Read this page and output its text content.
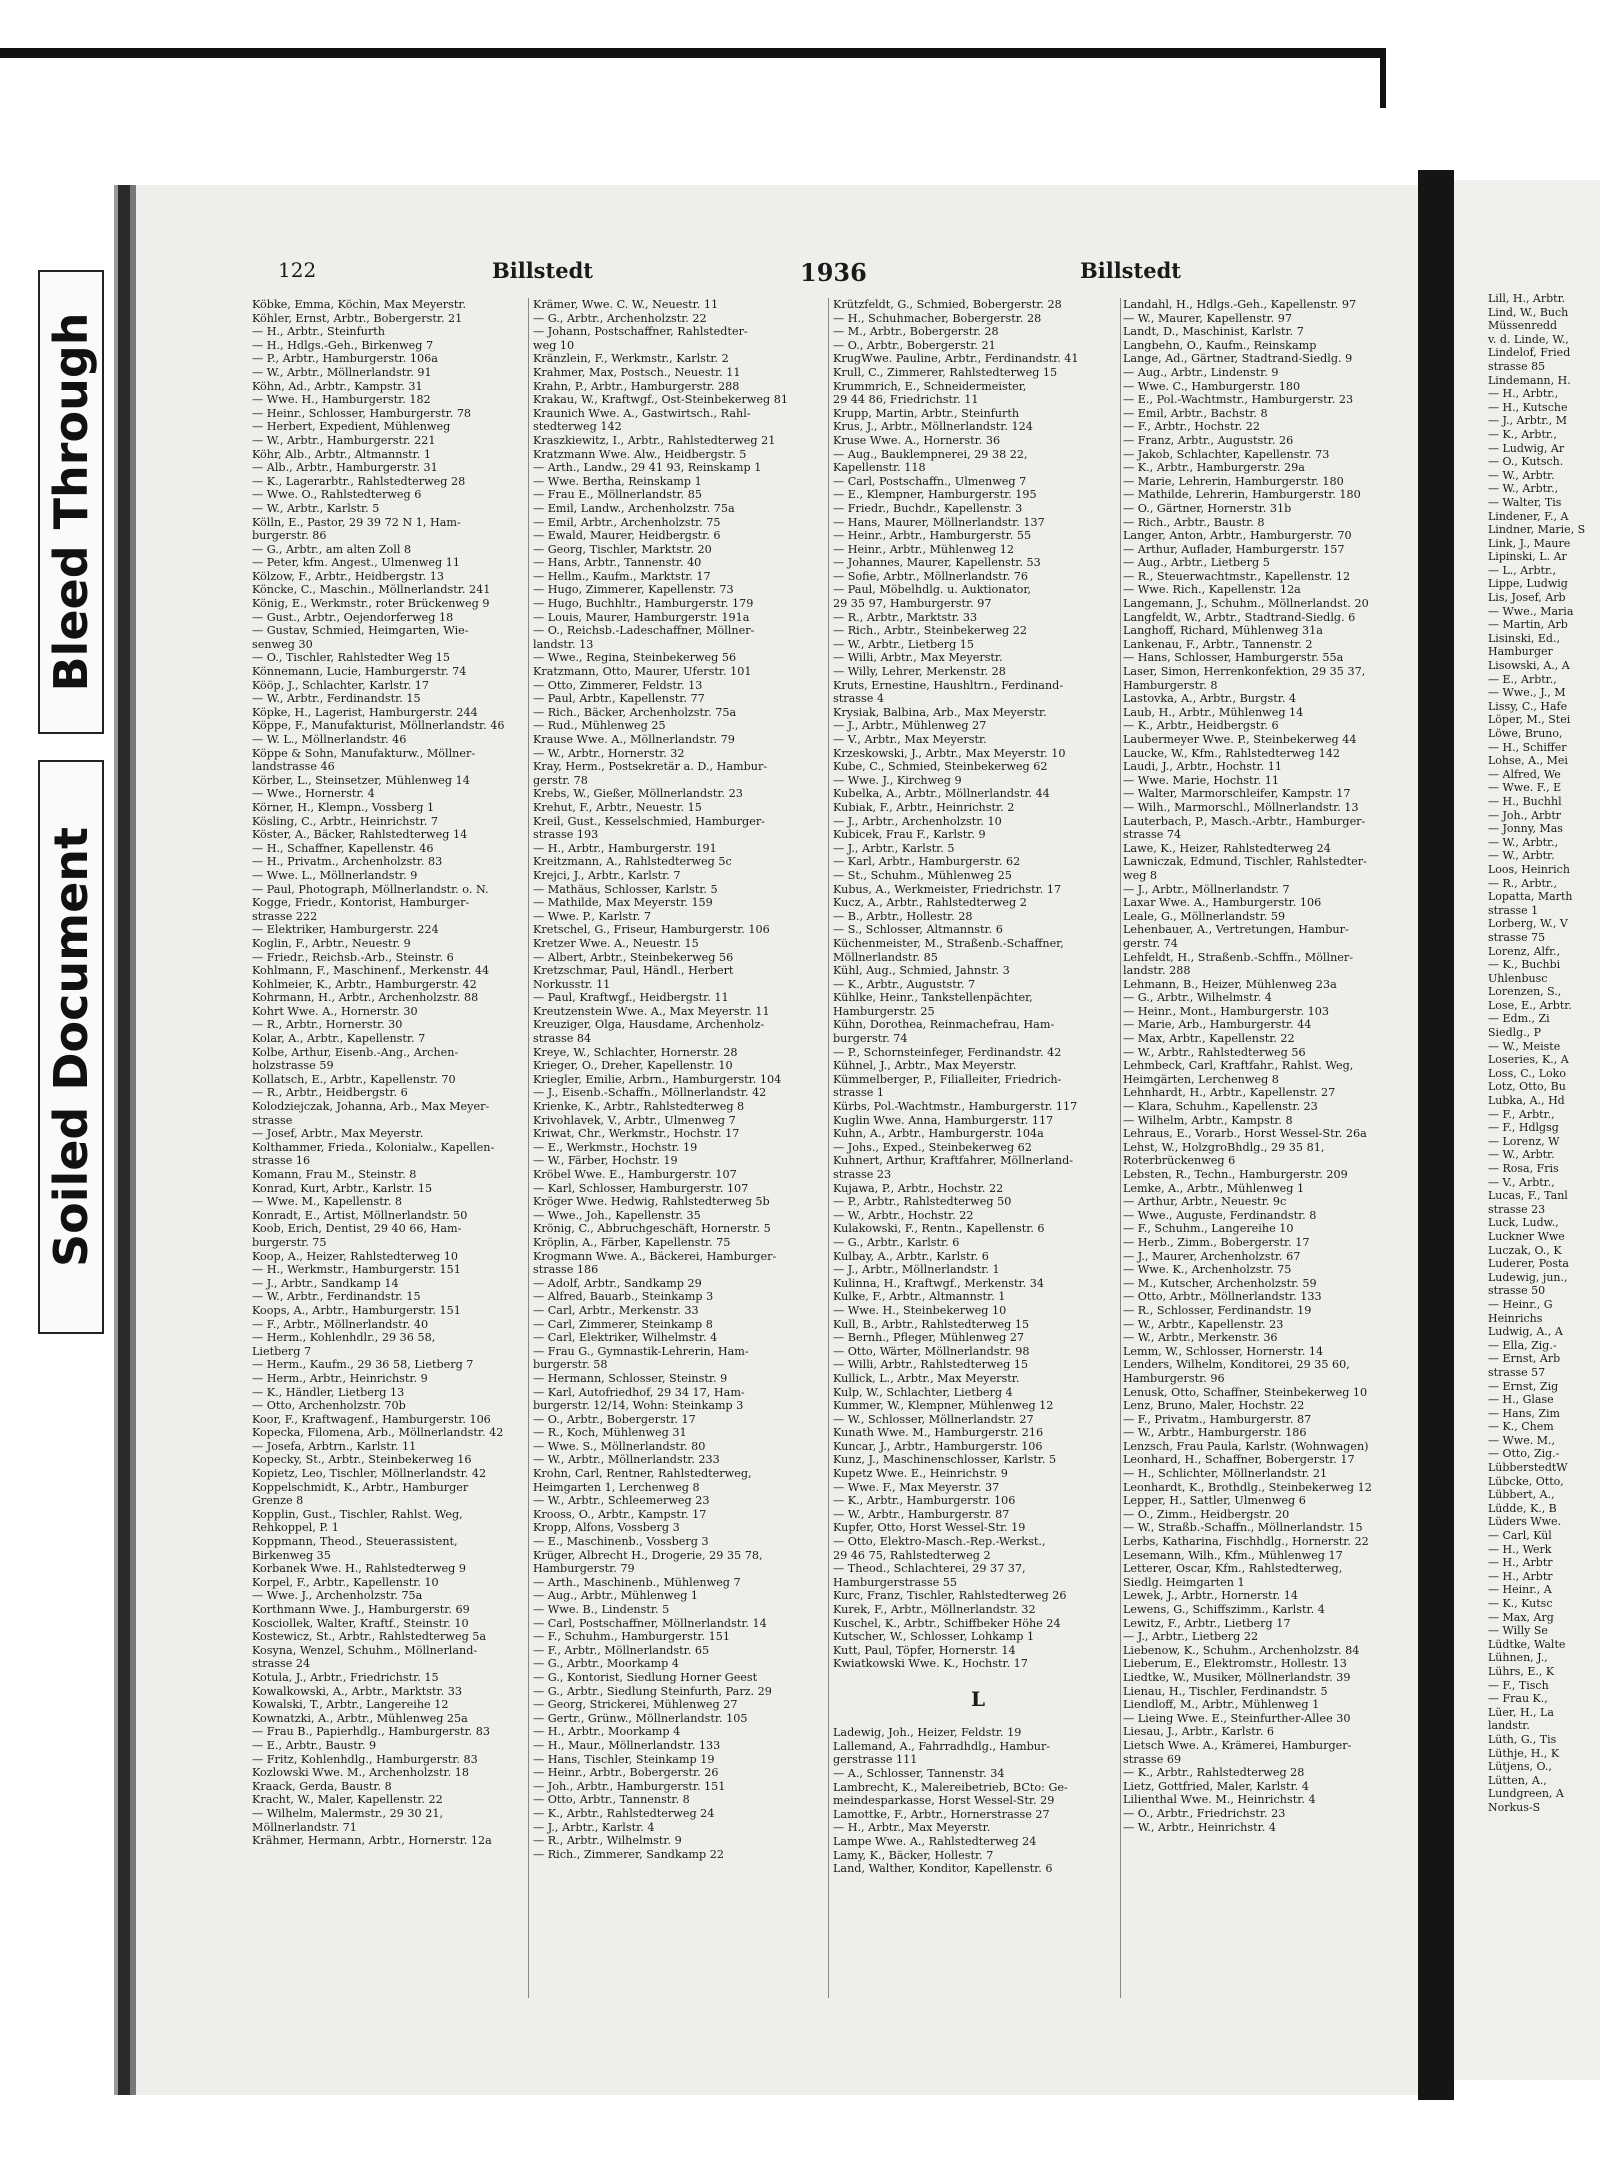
Bleed Through
Soiled Document
122	Billstedt	1936	Billstedt
Köbke, Emma, Köchin, Max Meyerstr.
Köhler, Ernst, Arbtr., Bobergerstr. 21
— H., Arbtr., Steinfurth
— H., Hdlgs.-Geh., Birkenweg 7
— P., Arbtr., Hamburgerstr. 106a
— W., Arbtr., Möllnerlandstr. 91
Köhn, Ad., Arbtr., Kampstr. 31
— Wwe. H., Hamburgerstr. 182
— Heinr., Schlosser, Hamburgerstr. 78
— Herbert, Expedient, Mühlenweg
— W., Arbtr., Hamburgerstr. 221
Köhr, Alb., Arbtr., Altmannstr. 1
— Alb., Arbtr., Hamburgerstr. 31
— K., Lagerarbtr., Rahlstedterweg 28
— Wwe. O., Rahlstedterweg 6
— W., Arbtr., Karlstr. 5
Kölln, E., Pastor, 29 39 72 N 1, Ham-
burgerstr. 86
— G., Arbtr., am alten Zoll 8
— Peter, kfm. Angest., Ulmenweg 11
Kölzow, F., Arbtr., Heidbergstr. 13
Köncke, C., Maschin., Möllnerlandstr. 241
König, E., Werkmstr., roter Brückenweg 9
— Gust., Arbtr., Oejendorferweg 18
— Gustav, Schmied, Heimgarten, Wie-
senweg 30
— O., Tischler, Rahlstedter Weg 15
Könnemann, Lucie, Hamburgerstr. 74
Kööp, J., Schlachter, Karlstr. 17
— W., Arbtr., Ferdinandstr. 15
Köpke, H., Lagerist, Hamburgerstr. 244
Köppe, F., Manufakturist, Möllnerlandstr. 46
— W. L., Möllnerlandstr. 46
Köppe & Sohn, Manufakturw., Möllner-
landstrasse 46
Körber, L., Steinsetzer, Mühlenweg 14
— Wwe., Hornerstr. 4
Körner, H., Klempn., Vossberg 1
Kösling, C., Arbtr., Heinrichstr. 7
Köster, A., Bäcker, Rahlstedterweg 14
— H., Schaffner, Kapellenstr. 46
— H., Privatm., Archenholzstr. 83
— Wwe. L., Möllnerlandstr. 9
— Paul, Photograph, Möllnerlandstr. o. N.
Kogge, Friedr., Kontorist, Hamburger-
strasse 222
— Elektriker, Hamburgerstr. 224
Koglin, F., Arbtr., Neuestr. 9
— Friedr., Reichsb.-Arb., Steinstr. 6
Kohlmann, F., Maschinenf., Merkenstr. 44
Kohlmeier, K., Arbtr., Hamburgerstr. 42
Kohrmann, H., Arbtr., Archenholzstr. 88
Kohrt Wwe. A., Hornerstr. 30
— R., Arbtr., Hornerstr. 30
Kolar, A., Arbtr., Kapellenstr. 7
Kolbe, Arthur, Eisenb.-Ang., Archen-
holzstrasse 59
Kollatsch, E., Arbtr., Kapellenstr. 70
— R., Arbtr., Heidbergstr. 6
Kolodziejczak, Johanna, Arb., Max Meyer-
strasse
— Josef, Arbtr., Max Meyerstr.
Kolthammer, Frieda., Kolonialw., Kapellen-
strasse 16
Komann, Frau M., Steinstr. 8
Konrad, Kurt, Arbtr., Karlstr. 15
— Wwe. M., Kapellenstr. 8
Konradt, E., Artist, Möllnerlandstr. 50
Koob, Erich, Dentist, 29 40 66, Ham-
burgerstr. 75
Koop, A., Heizer, Rahlstedterweg 10
— H., Werkmstr., Hamburgerstr. 151
— J., Arbtr., Sandkamp 14
— W., Arbtr., Ferdinandstr. 15
Koops, A., Arbtr., Hamburgerstr. 151
— F., Arbtr., Möllnerlandstr. 40
— Herm., Kohlenhdlr., 29 36 58,
Lietberg 7
— Herm., Kaufm., 29 36 58, Lietberg 7
— Herm., Arbtr., Heinrichstr. 9
— K., Händler, Lietberg 13
— Otto, Archenholzstr. 70b
Koor, F., Kraftwagenf., Hamburgerstr. 106
Kopecka, Filomena, Arb., Möllnerlandstr. 42
— Josefa, Arbtrn., Karlstr. 11
Kopecky, St., Arbtr., Steinbekerweg 16
Kopietz, Leo, Tischler, Möllnerlandstr. 42
Koppelschmidt, K., Arbtr., Hamburger
Grenze 8
Kopplin, Gust., Tischler, Rahlst. Weg,
Rehkoppel, P. 1
Koppmann, Theod., Steuerassistent,
Birkenweg 35
Korbanek Wwe. H., Rahlstedterweg 9
Korpel, F., Arbtr., Kapellenstr. 10
— Wwe. J., Archenholzstr. 75a
Korthmann Wwe. J., Hamburgerstr. 69
Kosciollek, Walter, Kraftf., Steinstr. 10
Kostewicz, St., Arbtr., Rahlstedterweg 5a
Kosyna, Wenzel, Schuhm., Möllnerland-
strasse 24
Kotula, J., Arbtr., Friedrichstr. 15
Kowalkowski, A., Arbtr., Marktstr. 33
Kowalski, T., Arbtr., Langereihe 12
Kownatzki, A., Arbtr., Mühlenweg 25a
— Frau B., Papierhdlg., Hamburgerstr. 83
— E., Arbtr., Baustr. 9
— Fritz, Kohlenhdlg., Hamburgerstr. 83
Kozlowski Wwe. M., Archenholzstr. 18
Kraack, Gerda, Baustr. 8
Kracht, W., Maler, Kapellenstr. 22
— Wilhelm, Malermstr., 29 30 21,
Möllnerlandstr. 71
Krähmer, Hermann, Arbtr., Hornerstr. 12a
Krämer, Wwe. C. W., Neuestr. 11
— G., Arbtr., Archenholzstr. 22
— Johann, Postschaffner, Rahlstedter-
weg 10
Kränzlein, F., Werkmstr., Karlstr. 2
Krahmer, Max, Postsch., Neuestr. 11
Krahn, P., Arbtr., Hamburgerstr. 288
Krakau, W., Kraftwgf., Ost-Steinbekerweg 81
Kraunich Wwe. A., Gastwirtsch., Rahl-
stedterweg 142
Kraszkiewitz, I., Arbtr., Rahlstedterweg 21
Kratzmann Wwe. Alw., Heidbergstr. 5
— Arth., Landw., 29 41 93, Reinskamp 1
— Wwe. Bertha, Reinskamp 1
— Frau E., Möllnerlandstr. 85
— Emil, Landw., Archenholzstr. 75a
— Emil, Arbtr., Archenholzstr. 75
— Ewald, Maurer, Heidbergstr. 6
— Georg, Tischler, Marktstr. 20
— Hans, Arbtr., Tannenstr. 40
— Hellm., Kaufm., Marktstr. 17
— Hugo, Zimmerer, Kapellenstr. 73
— Hugo, Buchhltr., Hamburgerstr. 179
— Louis, Maurer, Hamburgerstr. 191a
— O., Reichsb.-Ladeschaffner, Möllner-
landstr. 13
— Wwe., Regina, Steinbekerweg 56
Kratzmann, Otto, Maurer, Uferstr. 101
— Otto, Zimmerer, Feldstr. 13
— Paul, Arbtr., Kapellenstr. 77
— Rich., Bäcker, Archenholzstr. 75a
— Rud., Mühlenweg 25
Krause Wwe. A., Möllnerlandstr. 79
— W., Arbtr., Hornerstr. 32
Kray, Herm., Postsekretär a. D., Hambur-
gerstr. 78
Krebs, W., Gießer, Möllnerlandstr. 23
Krehut, F., Arbtr., Neuestr. 15
Kreil, Gust., Kesselschmied, Hamburger-
strasse 193
— H., Arbtr., Hamburgerstr. 191
Kreitzmann, A., Rahlstedterweg 5c
Krejci, J., Arbtr., Karlstr. 7
— Mathäus, Schlosser, Karlstr. 5
— Mathilde, Max Meyerstr. 159
— Wwe. P., Karlstr. 7
Kretschel, G., Friseur, Hamburgerstr. 106
Kretzer Wwe. A., Neuestr. 15
— Albert, Arbtr., Steinbekerweg 56
Kretzschmar, Paul, Händl., Herbert
Norkusstr. 11
— Paul, Kraftwgf., Heidbergstr. 11
Kreutzenstein Wwe. A., Max Meyerstr. 11
Kreuziger, Olga, Hausdame, Archenholz-
strasse 84
Kreye, W., Schlachter, Hornerstr. 28
Krieger, O., Dreher, Kapellenstr. 10
Kriegler, Emilie, Arbrn., Hamburgerstr. 104
— J., Eisenb.-Schaffn., Möllnerlandstr. 42
Krienke, K., Arbtr., Rahlstedterweg 8
Krivohlavek, V., Arbtr., Ulmenweg 7
Kriwat, Chr., Werkmstr., Hochstr. 17
— E., Werkmstr., Hochstr. 19
— W., Färber, Hochstr. 19
Kröbel Wwe. E., Hamburgerstr. 107
— Karl, Schlosser, Hamburgerstr. 107
Kröger Wwe. Hedwig, Rahlstedterweg 5b
— Wwe., Joh., Kapellenstr. 35
Krönig, C., Abbruchgeschäft, Hornerstr. 5
Kröplin, A., Färber, Kapellenstr. 75
Krogmann Wwe. A., Bäckerei, Hamburger-
strasse 186
— Adolf, Arbtr., Sandkamp 29
— Alfred, Bauarb., Steinkamp 3
— Carl, Arbtr., Merkenstr. 33
— Carl, Zimmerer, Steinkamp 8
— Carl, Elektriker, Wilhelmstr. 4
— Frau G., Gymnastik-Lehrerin, Ham-
burgerstr. 58
— Hermann, Schlosser, Steinstr. 9
— Karl, Autofriedhof, 29 34 17, Ham-
burgerstr. 12/14, Wohn: Steinkamp 3
— O., Arbtr., Bobergerstr. 17
— R., Koch, Mühlenweg 31
— Wwe. S., Möllnerlandstr. 80
— W., Arbtr., Möllnerlandstr. 233
Krohn, Carl, Rentner, Rahlstedterweg,
Heimgarten 1, Lerchenweg 8
— W., Arbtr., Schleemerweg 23
Krooss, O., Arbtr., Kampstr. 17
Kropp, Alfons, Vossberg 3
— E., Maschinenb., Vossberg 3
Krüger, Albrecht H., Drogerie, 29 35 78,
Hamburgerstr. 79
— Arth., Maschinenb., Mühlenweg 7
— Aug., Arbtr., Mühlenweg 1
— Wwe. B., Lindenstr. 5
— Carl, Postschaffner, Möllnerlandstr. 14
— F., Schuhm., Hamburgerstr. 151
— F., Arbtr., Möllnerlandstr. 65
— G., Arbtr., Moorkamp 4
— G., Kontorist, Siedlung Horner Geest
— G., Arbtr., Siedlung Steinfurth, Parz. 29
— Georg, Strickerei, Mühlenweg 27
— Gertr., Grünw., Möllnerlandstr. 105
— H., Arbtr., Moorkamp 4
— H., Maur., Möllnerlandstr. 133
— Hans, Tischler, Steinkamp 19
— Heinr., Arbtr., Bobergerstr. 26
— Joh., Arbtr., Hamburgerstr. 151
— Otto, Arbtr., Tannenstr. 8
— K., Arbtr., Rahlstedterweg 24
— J., Arbtr., Karlstr. 4
— R., Arbtr., Wilhelmstr. 9
— Rich., Zimmerer, Sandkamp 22
Krützfeldt, G., Schmied, Bobergerstr. 28
— H., Schuhmacher, Bobergerstr. 28
— M., Arbtr., Bobergerstr. 28
— O., Arbtr., Bobergerstr. 21
KrugWwe. Pauline, Arbtr., Ferdinandstr. 41
Krull, C., Zimmerer, Rahlstedterweg 15
Krummrich, E., Schneidermeister,
29 44 86, Friedrichstr. 11
Krupp, Martin, Arbtr., Steinfurth
Krus, J., Arbtr., Möllnerlandstr. 124
Kruse Wwe. A., Hornerstr. 36
— Aug., Bauklempnerei, 29 38 22,
Kapellenstr. 118
— Carl, Postschaffn., Ulmenweg 7
— E., Klempner, Hamburgerstr. 195
— Friedr., Buchdr., Kapellenstr. 3
— Hans, Maurer, Möllnerlandstr. 137
— Heinr., Arbtr., Hamburgerstr. 55
— Heinr., Arbtr., Mühlenweg 12
— Johannes, Maurer, Kapellenstr. 53
— Sofie, Arbtr., Möllnerlandstr. 76
— Paul, Möbelhdlg. u. Auktionator,
29 35 97, Hamburgerstr. 97
— R., Arbtr., Marktstr. 33
— Rich., Arbtr., Steinbekerweg 22
— W., Arbtr., Lietberg 15
— Willi, Arbtr., Max Meyerstr.
— Willy, Lehrer, Merkenstr. 28
Kruts, Ernestine, Haushltrn., Ferdinand-
strasse 4
Krysiak, Balbina, Arb., Max Meyerstr.
— J., Arbtr., Mühlenweg 27
— V., Arbtr., Max Meyerstr.
Krzeskowski, J., Arbtr., Max Meyerstr. 10
Kube, C., Schmied, Steinbekerweg 62
— Wwe. J., Kirchweg 9
Kubelka, A., Arbtr., Möllnerlandstr. 44
Kubiak, F., Arbtr., Heinrichstr. 2
— J., Arbtr., Archenholzstr. 10
Kubicek, Frau F., Karlstr. 9
— J., Arbtr., Karlstr. 5
— Karl, Arbtr., Hamburgerstr. 62
— St., Schuhm., Mühlenweg 25
Kubus, A., Werkmeister, Friedrichstr. 17
Kucz, A., Arbtr., Rahlstedterweg 2
— B., Arbtr., Hollestr. 28
— S., Schlosser, Altmannstr. 6
Küchenmeister, M., Straßenb.-Schaffner,
Möllnerlandstr. 85
Kühl, Aug., Schmied, Jahnstr. 3
— K., Arbtr., Auguststr. 7
Kühlke, Heinr., Tankstellenpächter,
Hamburgerstr. 25
Kühn, Dorothea, Reinmachefrau, Ham-
burgerstr. 74
— P., Schornsteinfeger, Ferdinandstr. 42
Kühnel, J., Arbtr., Max Meyerstr.
Kümmelberger, P., Filialleiter, Friedrich-
strasse 1
Kürbs, Pol.-Wachtmstr., Hamburgerstr. 117
Kuglin Wwe. Anna, Hamburgerstr. 117
Kuhn, A., Arbtr., Hamburgerstr. 104a
— Johs., Exped., Steinbekerweg 62
Kuhnert, Arthur, Kraftfahrer, Möllnerland-
strasse 23
Kujawa, P., Arbtr., Hochstr. 22
— P., Arbtr., Rahlstedterweg 50
— W., Arbtr., Hochstr. 22
Kulakowski, F., Rentn., Kapellenstr. 6
— G., Arbtr., Karlstr. 6
Kulbay, A., Arbtr., Karlstr. 6
— J., Arbtr., Möllnerlandstr. 1
Kulinna, H., Kraftwgf., Merkenstr. 34
Kulke, F., Arbtr., Altmannstr. 1
— Wwe. H., Steinbekerweg 10
Kull, B., Arbtr., Rahlstedterweg 15
— Bernh., Pfleger, Mühlenweg 27
— Otto, Wärter, Möllnerlandstr. 98
— Willi, Arbtr., Rahlstedterweg 15
Kullick, L., Arbtr., Max Meyerstr.
Kulp, W., Schlachter, Lietberg 4
Kummer, W., Klempner, Mühlenweg 12
— W., Schlosser, Möllnerlandstr. 27
Kunath Wwe. M., Hamburgerstr. 216
Kuncar, J., Arbtr., Hamburgerstr. 106
Kunz, J., Maschinenschlosser, Karlstr. 5
Kupetz Wwe. E., Heinrichstr. 9
— Wwe. F., Max Meyerstr. 37
— K., Arbtr., Hamburgerstr. 106
— W., Arbtr., Hamburgerstr. 87
Kupfer, Otto, Horst Wessel-Str. 19
— Otto, Elektro-Masch.-Rep.-Werkst.,
29 46 75, Rahlstedterweg 2
— Theod., Schlachterei, 29 37 37,
Hamburgerstrasse 55
Kurc, Franz, Tischler, Rahlstedterweg 26
Kurek, F., Arbtr., Möllnerlandstr. 32
Kuschel, K., Arbtr., Schiffbeker Höhe 24
Kutscher, W., Schlosser, Lohkamp 1
Kutt, Paul, Töpfer, Hornerstr. 14
Kwiatkowski Wwe. K., Hochstr. 17

L

Ladewig, Joh., Heizer, Feldstr. 19
Lallemand, A., Fahrradhdlg., Hambur-
gerstrasse 111
— A., Schlosser, Tannenstr. 34
Lambrecht, K., Malereibetrieb, BCto: Ge-
meindesparkasse, Horst Wessel-Str. 29
Lamottke, F., Arbtr., Hornerstrasse 27
— H., Arbtr., Max Meyerstr.
Lampe Wwe. A., Rahlstedterweg 24
Lamy, K., Bäcker, Hollestr. 7
Land, Walther, Konditor, Kapellenstr. 6
Landahl, H., Hdlgs.-Geh., Kapellenstr. 97
— W., Maurer, Kapellenstr. 97
Landt, D., Maschinist, Karlstr. 7
Langbehn, O., Kaufm., Reinskamp
Lange, Ad., Gärtner, Stadtrand-Siedlg. 9
— Aug., Arbtr., Lindenstr. 9
— Wwe. C., Hamburgerstr. 180
— E., Pol.-Wachtmstr., Hamburgerstr. 23
— Emil, Arbtr., Bachstr. 8
— F., Arbtr., Hochstr. 22
— Franz, Arbtr., Auguststr. 26
— Jakob, Schlachter, Kapellenstr. 73
— K., Arbtr., Hamburgerstr. 29a
— Marie, Lehrerin, Hamburgerstr. 180
— Mathilde, Lehrerin, Hamburgerstr. 180
— O., Gärtner, Hornerstr. 31b
— Rich., Arbtr., Baustr. 8
Langer, Anton, Arbtr., Hamburgerstr. 70
— Arthur, Auflader, Hamburgerstr. 157
— Aug., Arbtr., Lietberg 5
— R., Steuerwachtmstr., Kapellenstr. 12
— Wwe. Rich., Kapellenstr. 12a
Langemann, J., Schuhm., Möllnerlandst. 20
Langfeldt, W., Arbtr., Stadtrand-Siedlg. 6
Langhoff, Richard, Mühlenweg 31a
Lankenau, F., Arbtr., Tannenstr. 2
— Hans, Schlosser, Hamburgerstr. 55a
Laser, Simon, Herrenkonfektion, 29 35 37,
Hamburgerstr. 8
Lastovka, A., Arbtr., Burgstr. 4
Laub, H., Arbtr., Mühlenweg 14
— K., Arbtr., Heidbergstr. 6
Laubermeyer Wwe. P., Steinbekerweg 44
Laucke, W., Kfm., Rahlstedterweg 142
Laudi, J., Arbtr., Hochstr. 11
— Wwe. Marie, Hochstr. 11
— Walter, Marmorschleifer, Kampstr. 17
— Wilh., Marmorschl., Möllnerlandstr. 13
Lauterbach, P., Masch.-Arbtr., Hamburger-
strasse 74
Lawe, K., Heizer, Rahlstedterweg 24
Lawniczak, Edmund, Tischler, Rahlstedter-
weg 8
— J., Arbtr., Möllnerlandstr. 7
Laxar Wwe. A., Hamburgerstr. 106
Leale, G., Möllnerlandstr. 59
Lehenbauer, A., Vertretungen, Hambur-
gerstr. 74
Lehfeldt, H., Straßenb.-Schffn., Möllner-
landstr. 288
Lehmann, B., Heizer, Mühlenweg 23a
— G., Arbtr., Wilhelmstr. 4
— Heinr., Mont., Hamburgerstr. 103
— Marie, Arb., Hamburgerstr. 44
— Max, Arbtr., Kapellenstr. 22
— W., Arbtr., Rahlstedterweg 56
Lehmbeck, Carl, Kraftfahr., Rahlst. Weg,
Heimgärten, Lerchenweg 8
Lehnhardt, H., Arbtr., Kapellenstr. 27
— Klara, Schuhm., Kapellenstr. 23
— Wilhelm, Arbtr., Kampstr. 8
Lehraus, E., Vorarb., Horst Wessel-Str. 26a
Lehst, W., HolzgroBhdlg., 29 35 81,
Roterbrückenweg 6
Lebsten, R., Techn., Hamburgerstr. 209
Lemke, A., Arbtr., Mühlenweg 1
— Arthur, Arbtr., Neuestr. 9c
— Wwe., Auguste, Ferdinandstr. 8
— F., Schuhm., Langereihe 10
— Herb., Zimm., Bobergerstr. 17
— J., Maurer, Archenholzstr. 67
— Wwe. K., Archenholzstr. 75
— M., Kutscher, Archenholzstr. 59
— Otto, Arbtr., Möllnerlandstr. 133
— R., Schlosser, Ferdinandstr. 19
— W., Arbtr., Kapellenstr. 23
— W., Arbtr., Merkenstr. 36
Lemm, W., Schlosser, Hornerstr. 14
Lenders, Wilhelm, Konditorei, 29 35 60,
Hamburgerstr. 96
Lenusk, Otto, Schaffner, Steinbekerweg 10
Lenz, Bruno, Maler, Hochstr. 22
— F., Privatm., Hamburgerstr. 87
— W., Arbtr., Hamburgerstr. 186
Lenzsch, Frau Paula, Karlstr. (Wohnwagen)
Leonhard, H., Schaffner, Bobergerstr. 17
— H., Schlichter, Möllnerlandstr. 21
Leonhardt, K., Brothdlg., Steinbekerweg 12
Lepper, H., Sattler, Ulmenweg 6
— O., Zimm., Heidbergstr. 20
— W., Straßb.-Schaffn., Möllnerlandstr. 15
Lerbs, Katharina, Fischhdlg., Hornerstr. 22
Lesemann, Wilh., Kfm., Mühlenweg 17
Letterer, Oscar, Kfm., Rahlstedterweg,
Siedlg. Heimgarten 1
Lewek, J., Arbtr., Hornerstr. 14
Lewens, G., Schiffszimm., Karlstr. 4
Lewitz, F., Arbtr., Lietberg 17
— J., Arbtr., Lietberg 22
Liebenow, K., Schuhm., Archenholzstr. 84
Lieberum, E., Elektromstr., Hollestr. 13
Liedtke, W., Musiker, Möllnerlandstr. 39
Lienau, H., Tischler, Ferdinandstr. 5
Liendloff, M., Arbtr., Mühlenweg 1
— Lieing Wwe. E., Steinfurther-Allee 30
Liesau, J., Arbtr., Karlstr. 6
Lietsch Wwe. A., Krämerei, Hamburger-
strasse 69
— K., Arbtr., Rahlstedterweg 28
Lietz, Gottfried, Maler, Karlstr. 4
Lilienthal Wwe. M., Heinrichstr. 4
— O., Arbtr., Friedrichstr. 23
— W., Arbtr., Heinrichstr. 4
Lill, H., Arbtr.
Lind, W., Buch
Müssenredd
v. d. Linde, W.,
Lindelof, Fried
strasse 85
Lindemann, H.
— H., Arbtr.,
— H., Kutsche
— J., Arbtr., M
— K., Arbtr.,
— Ludwig, Ar
— O., Kutsch.
— W., Arbtr.
— W., Arbtr.,
— Walter, Tis
Lindener, F., A
Lindner, Marie, S
Link, J., Maure
Lipinski, L. Ar
— L., Arbtr.,
Lippe, Ludwig
Lis, Josef, Arb
— Wwe., Maria
— Martin, Arb
Lisinski, Ed.,
Hamburger
Lisowski, A., A
— E., Arbtr.,
— Wwe., J., M
Lissy, C., Hafe
Löper, M., Stei
Löwe, Bruno,
— H., Schiffer
Lohse, A., Mei
— Alfred, We
— Wwe. F., E
— H., Buchhl
— Joh., Arbtr
— Jonny, Mas
— W., Arbtr.,
— W., Arbtr.
Loos, Heinrich
— R., Arbtr.,
Lopatta, Marth
strasse 1
Lorberg, W., V
strasse 75
Lorenz, Alfr.,
— K., Buchbi
Uhlenbusc
Lorenzen, S.,
Lose, E., Arbtr.
— Edm., Zi
Siedlg., P
— W., Meiste
Loseries, K., A
Loss, C., Loko
Lotz, Otto, Bu
Lubka, A., Hd
— F., Arbtr.,
— F., Hdlgsg
— Lorenz, W
— W., Arbtr.
— Rosa, Fris
— V., Arbtr.,
Lucas, F., Tanl
strasse 23
Luck, Ludw.,
Luckner Wwe
Luczak, O., K
Luderer, Posta
Ludewig, jun.,
strasse 50
— Heinr., G
Heinrichs
Ludwig, A., A
— Ella, Zig.-
— Ernst, Arb
strasse 57
— Ernst, Zig
— H., Glase
— Hans, Zim
— K., Chem
— Wwe. M.,
— Otto, Zig.-
LübberstedtW
Lübcke, Otto,
Lübbert, A.,
Lüdde, K., B
Lüders Wwe.
— Carl, Kül
— H., Werk
— H., Arbtr
— H., Arbtr
— Heinr., A
— K., Kutsc
— Max, Arg
— Willy Se
Lüdtke, Walte
Lühnen, J.,
Lührs, E., K
— F., Tisch
— Frau K.,
Lüer, H., La
landstr.
Lüth, G., Tis
Lüthje, H., K
Lütjens, O.,
Lütten, A.,
Lundgreen, A
Norkus-S
